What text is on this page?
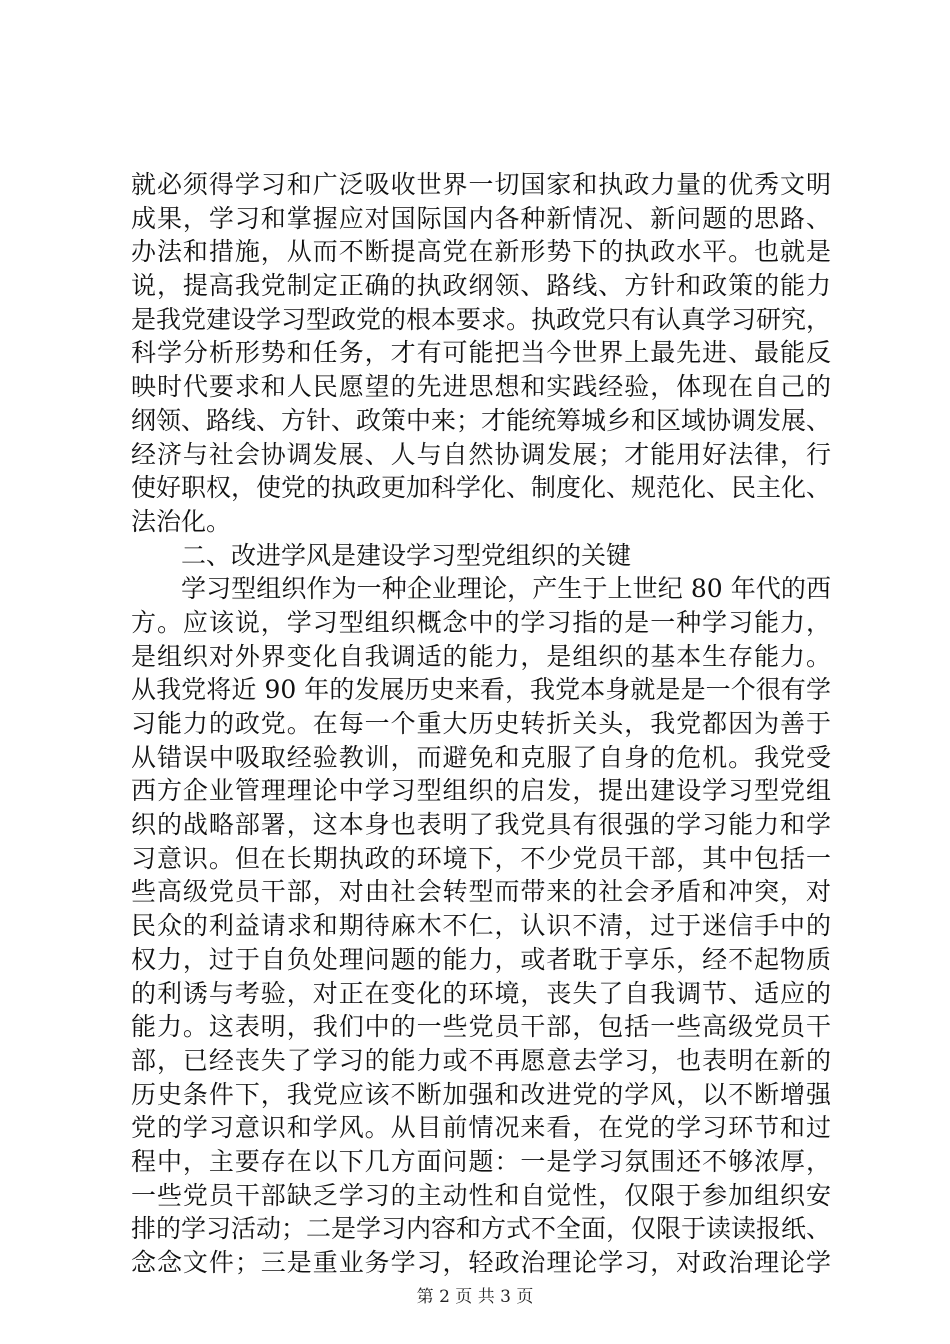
就必须得学习和广泛吸收世界一切国家和执政力量的优秀文明
成果，学习和掌握应对国际国内各种新情况、新问题的思路、
办法和措施，从而不断提高党在新形势下的执政水平。也就是
说，提高我党制定正确的执政纲领、路线、方针和政策的能力
是我党建设学习型政党的根本要求。执政党只有认真学习研究，
科学分析形势和任务，才有可能把当今世界上最先进、最能反
映时代要求和人民愿望的先进思想和实践经验，体现在自己的
纲领、路线、方针、政策中来；才能统筹城乡和区域协调发展、
经济与社会协调发展、人与自然协调发展；才能用好法律，行
使好职权，使党的执政更加科学化、制度化、规范化、民主化、
法治化。
二、改进学风是建设学习型党组织的关键
学习型组织作为一种企业理论，产生于上世纪 80 年代的西
方。应该说，学习型组织概念中的学习指的是一种学习能力，
是组织对外界变化自我调适的能力，是组织的基本生存能力。
从我党将近 90 年的发展历史来看，我党本身就是是一个很有学
习能力的政党。在每一个重大历史转折关头，我党都因为善于
从错误中吸取经验教训，而避免和克服了自身的危机。我党受
西方企业管理理论中学习型组织的启发，提出建设学习型党组
织的战略部署，这本身也表明了我党具有很强的学习能力和学
习意识。但在长期执政的环境下，不少党员干部，其中包括一
些高级党员干部，对由社会转型而带来的社会矛盾和冲突，对
民众的利益请求和期待麻木不仁，认识不清，过于迷信手中的
权力，过于自负处理问题的能力，或者耽于享乐，经不起物质
的利诱与考验，对正在变化的环境，丧失了自我调节、适应的
能力。这表明，我们中的一些党员干部，包括一些高级党员干
部，已经丧失了学习的能力或不再愿意去学习，也表明在新的
历史条件下，我党应该不断加强和改进党的学风，以不断增强
党的学习意识和学风。从目前情况来看，在党的学习环节和过
程中，主要存在以下几方面问题：一是学习氛围还不够浓厚，
一些党员干部缺乏学习的主动性和自觉性，仅限于参加组织安
排的学习活动；二是学习内容和方式不全面，仅限于读读报纸、
念念文件；三是重业务学习，轻政治理论学习，对政治理论学
第 2 页 共 3 页
